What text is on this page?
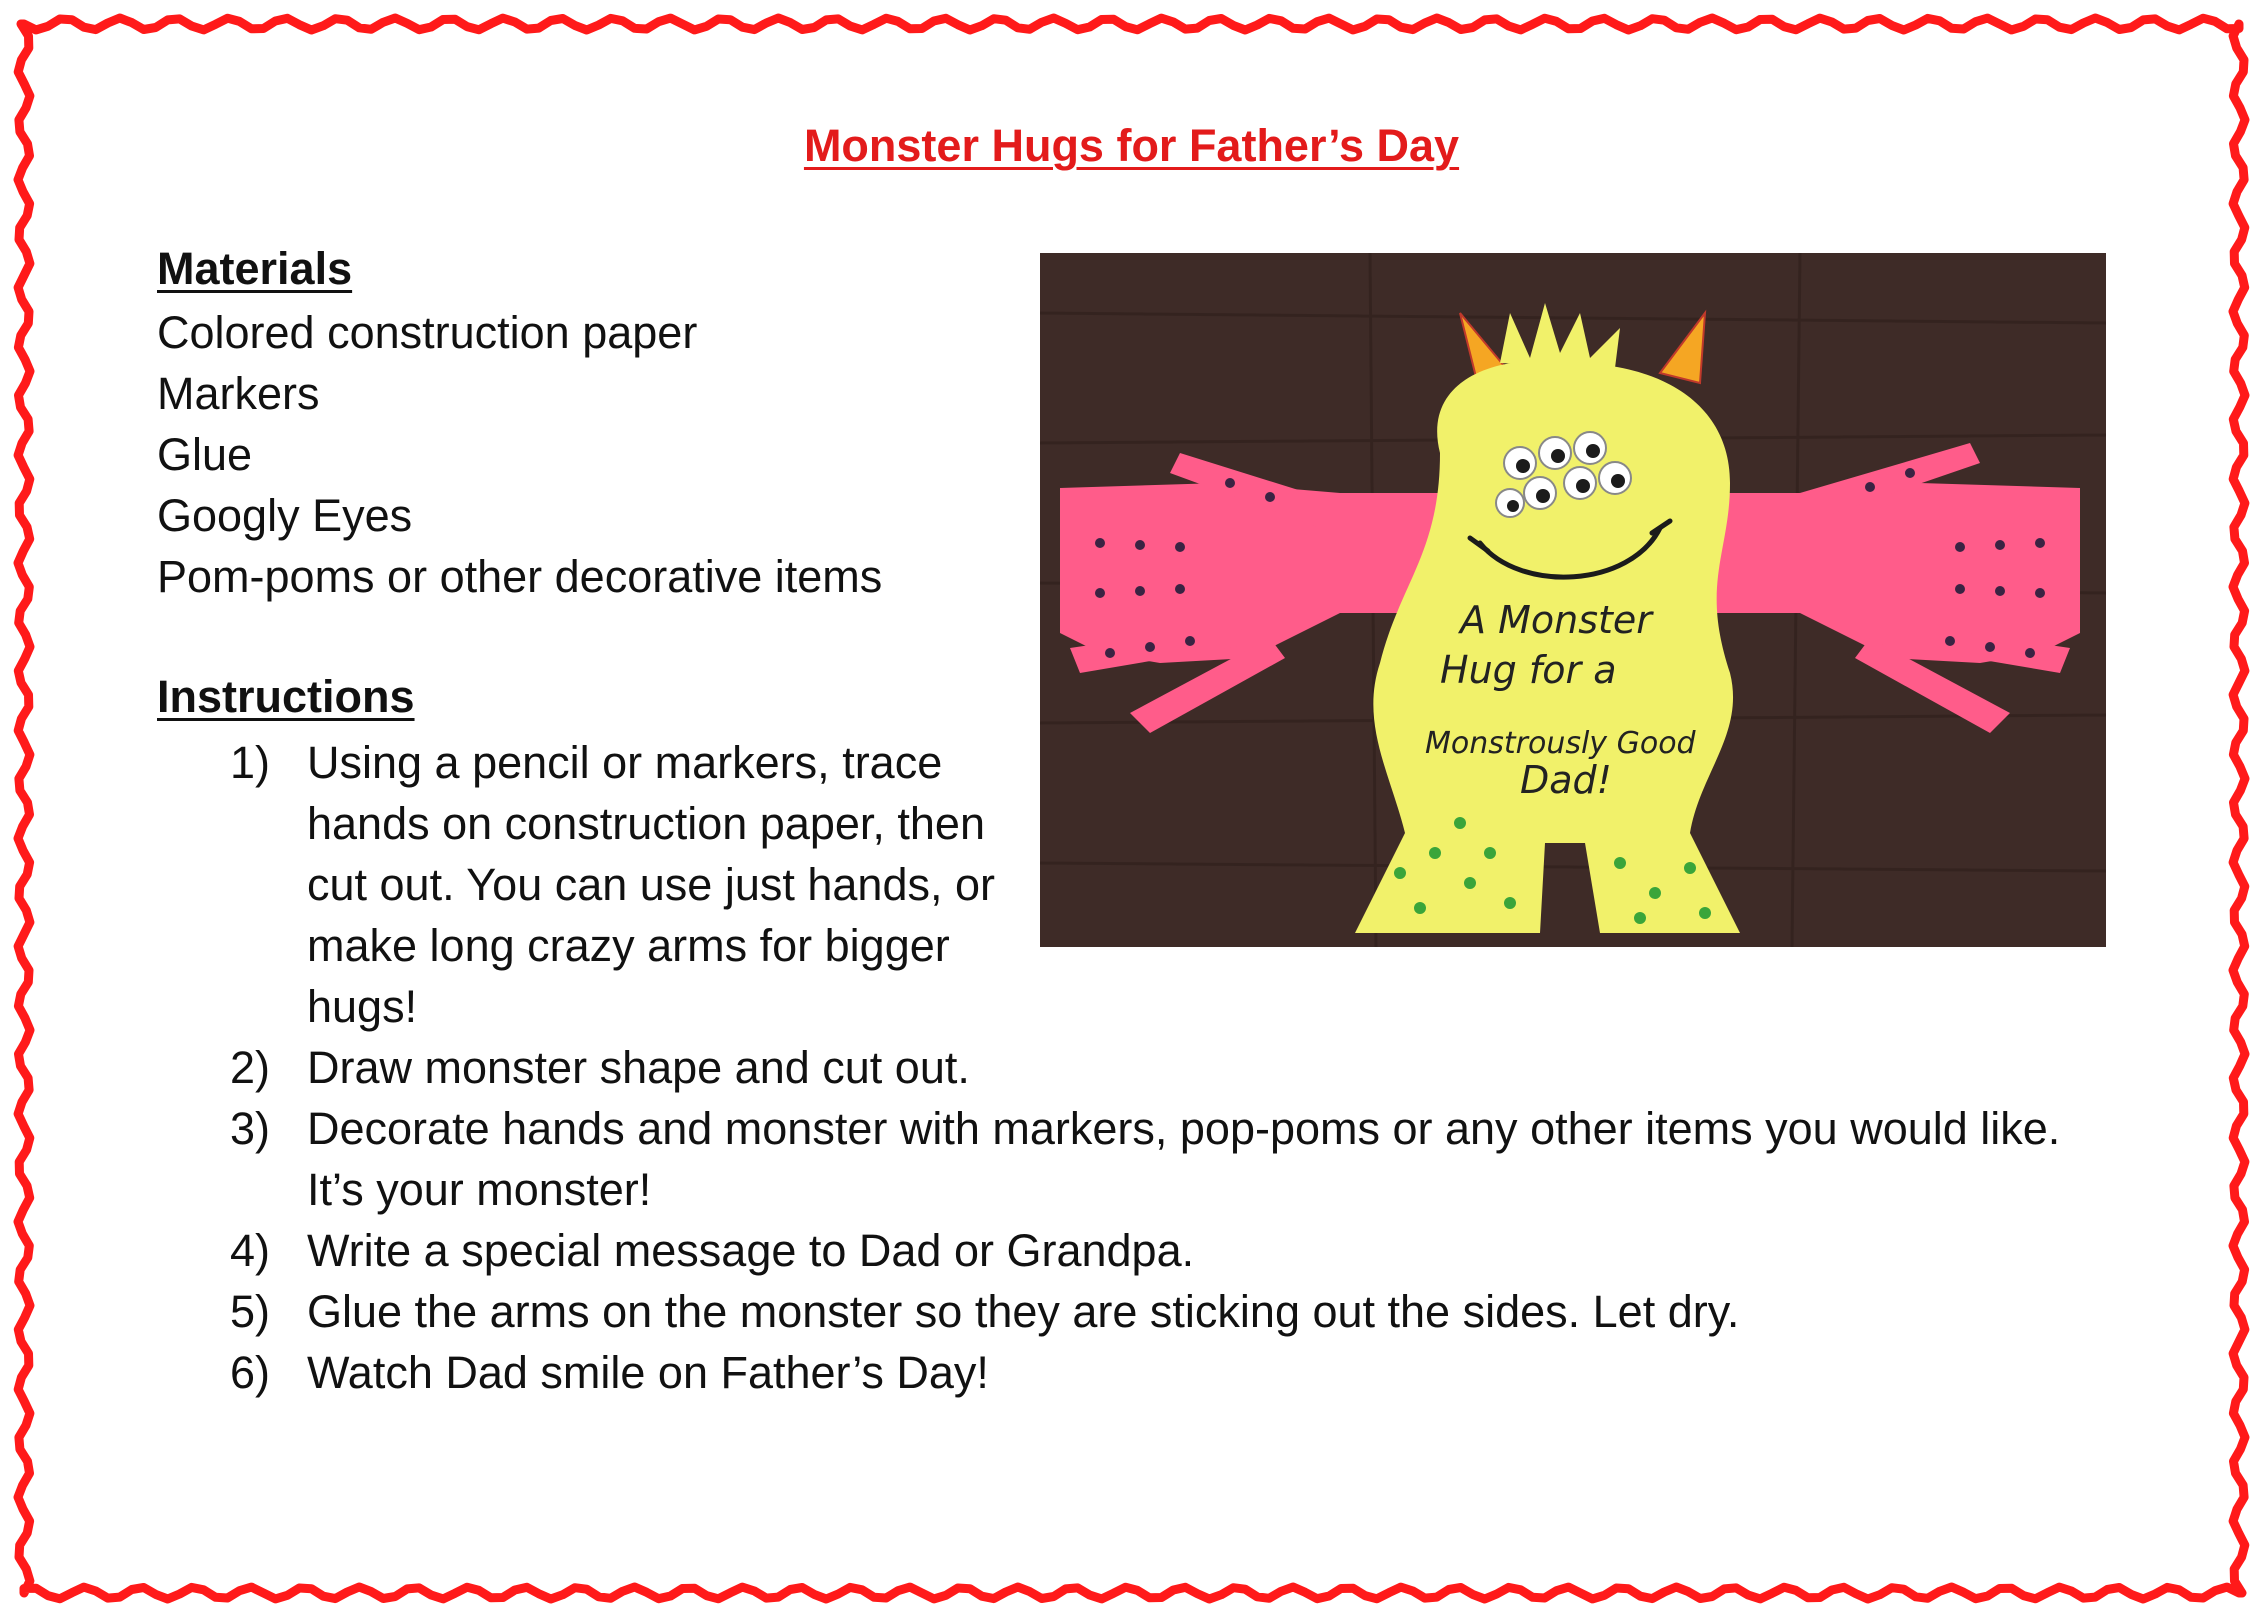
Monster Hugs for Father’s Day
Materials
Colored construction paper
Markers
Glue
Googly Eyes
Pom-poms or other decorative items
Instructions
1) Using a pencil or markers, trace hands on construction paper, then cut out. You can use just hands, or make long crazy arms for bigger hugs!
2) Draw monster shape and cut out.
3) Decorate hands and monster with markers, pop-poms or any other items you would like. It’s your monster!
4) Write a special message to Dad or Grandpa.
5) Glue the arms on the monster so they are sticking out the sides. Let dry.
6) Watch Dad smile on Father’s Day!
A Monster
Hug for a
Monstrously Good
Dad!
